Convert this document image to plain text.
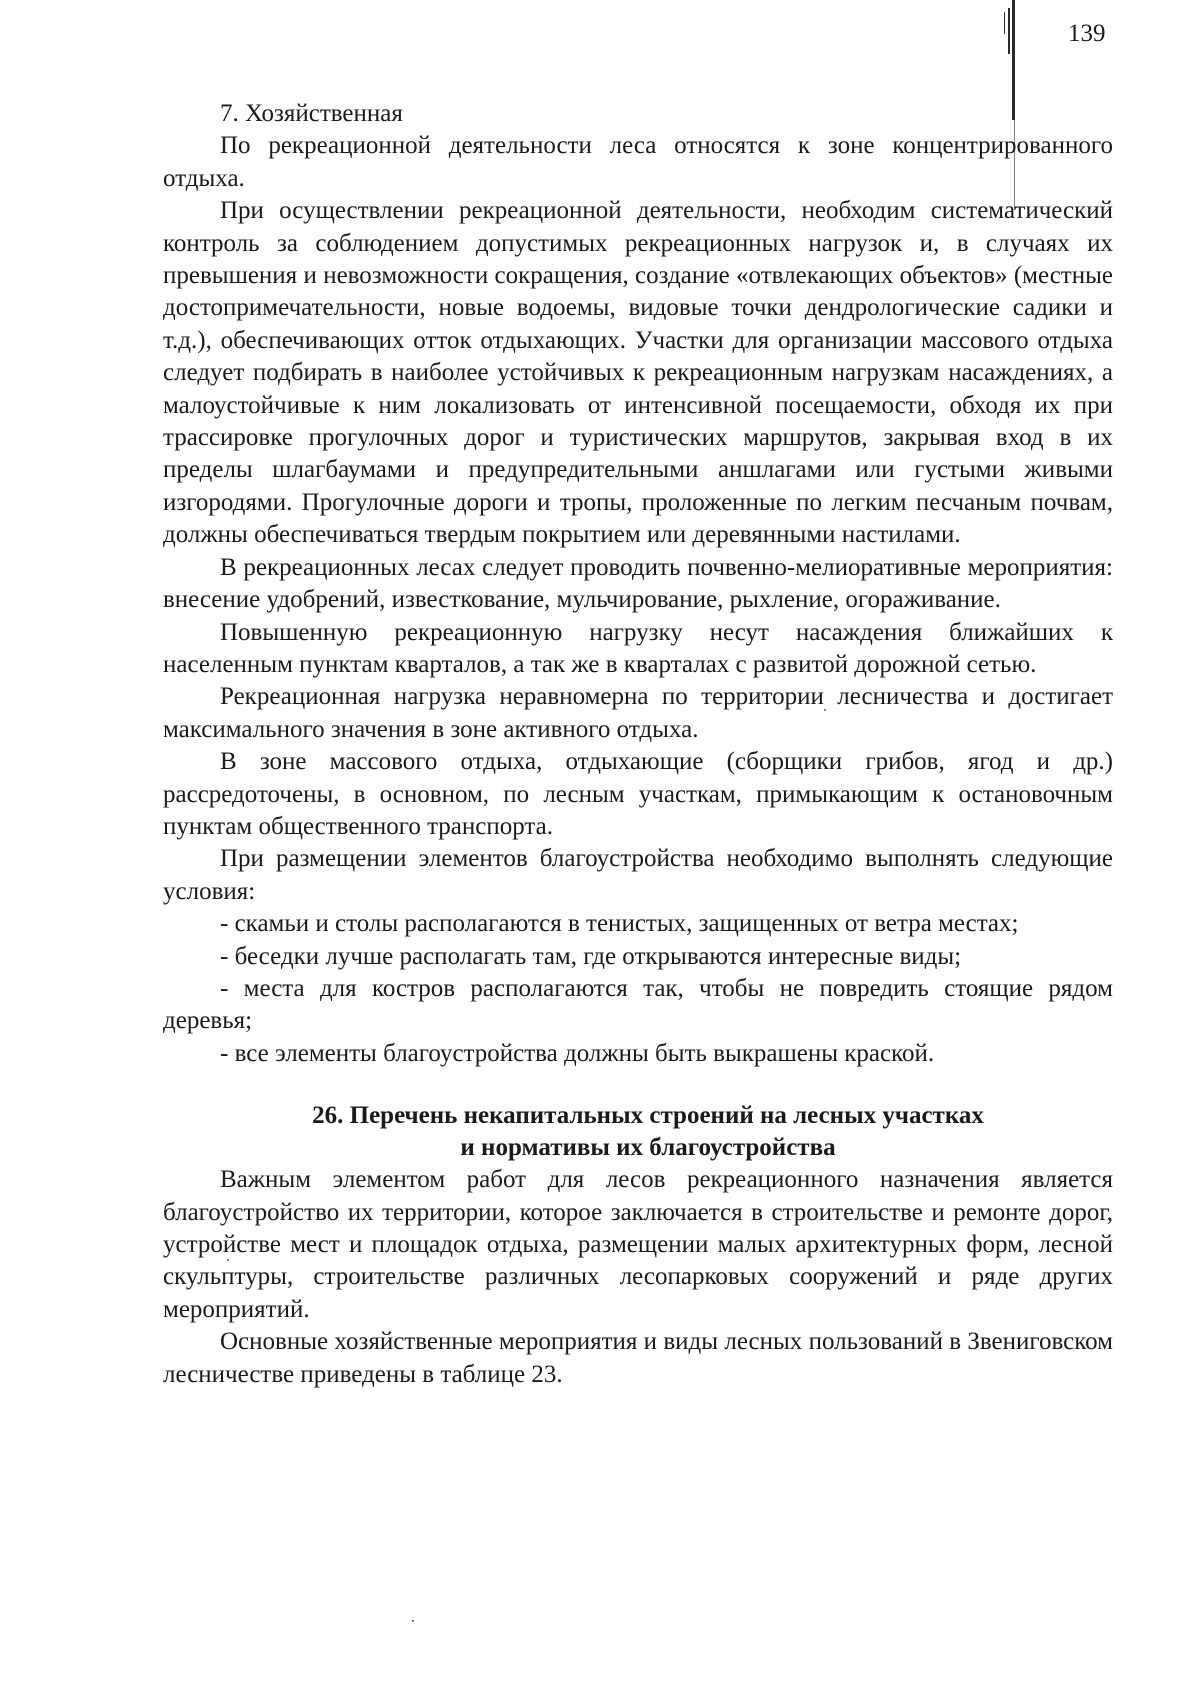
139

7. Хозяйственная

По рекреационной деятельности леса относятся к зоне концентрированного отдыха.

При осуществлении рекреационной деятельности, необходим систематический контроль за соблюдением допустимых рекреационных нагрузок и, в случаях их превышения и невозможности сокращения, создание «отвлекающих объектов» (местные достопримечательности, новые водоемы, видовые точки дендрологические садики и т.д.), обеспечивающих отток отдыхающих. Участки для организации массового отдыха следует подбирать в наиболее устойчивых к рекреационным нагрузкам насаждениях, а малоустойчивые к ним локализовать от интенсивной посещаемости, обходя их при трассировке прогулочных дорог и туристических маршрутов, закрывая вход в их пределы шлагбаумами и предупредительными аншлагами или густыми живыми изгородями. Прогулочные дороги и тропы, проложенные по легким песчаным почвам, должны обеспечиваться твердым покрытием или деревянными настилами.

В рекреационных лесах следует проводить почвенно-мелиоративные мероприятия: внесение удобрений, известкование, мульчирование, рыхление, огораживание.

Повышенную рекреационную нагрузку несут насаждения ближайших к населенным пунктам кварталов, а так же в кварталах с развитой дорожной сетью.

Рекреационная нагрузка неравномерна по территории лесничества и достигает максимального значения в зоне активного отдыха.

В зоне массового отдыха, отдыхающие (сборщики грибов, ягод и др.) рассредоточены, в основном, по лесным участкам, примыкающим к остановочным пунктам общественного транспорта.

При размещении элементов благоустройства необходимо выполнять следующие условия:

- скамьи и столы располагаются в тенистых, защищенных от ветра местах;

- беседки лучше располагать там, где открываются интересные виды;

- места для костров располагаются так, чтобы не повредить стоящие рядом деревья;

- все элементы благоустройства должны быть выкрашены краской.

26. Перечень некапитальных строений на лесных участках
и нормативы их благоустройства

Важным элементом работ для лесов рекреационного назначения является благоустройство их территории, которое заключается в строительстве и ремонте дорог, устройстве мест и площадок отдыха, размещении малых архитектурных форм, лесной скульптуры, строительстве различных лесопарковых сооружений и ряде других мероприятий.

Основные хозяйственные мероприятия и виды лесных пользований в Звениговском лесничестве приведены в таблице 23.
